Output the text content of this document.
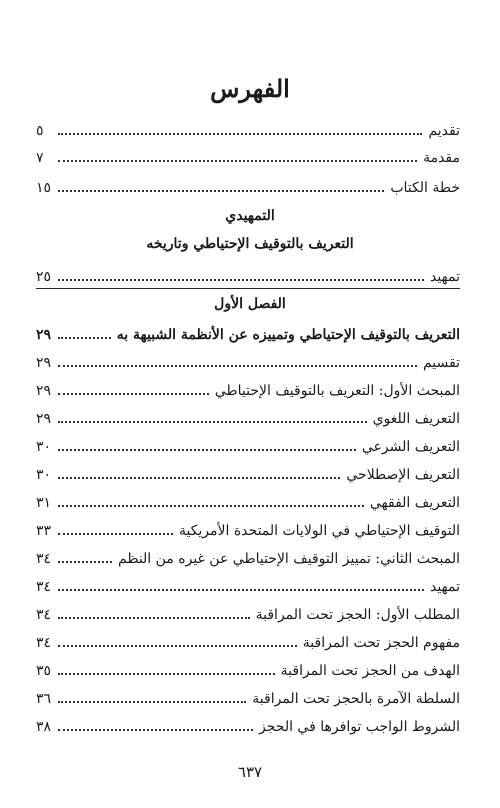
الفهرس
تقديم
٥
مقدمة
٧
خطة الكتاب
١٥
التمهيدي
التعريف بالتوقيف الإحتياطي وتاريخه
تمهيد
٢٥
الفصل الأول
التعريف بالتوقيف الإحتياطي وتمييزه عن الأنظمة الشبيهة به
٢٩
تقسيم
٢٩
المبحث الأول: التعريف بالتوقيف الإحتياطي
٢٩
التعريف اللغوي
٢٩
التعريف الشرعي
٣٠
التعريف الإصطلاحي
٣٠
التعريف الفقهي
٣١
التوقيف الإحتياطي في الولايات المتحدة الأمريكية
٣٣
المبحث الثاني: تمييز التوقيف الإحتياطي عن غيره من النظم
٣٤
تمهيد
٣٤
المطلب الأول: الحجز تحت المراقبة
٣٤
مفهوم الحجز تحت المراقبة
٣٤
الهدف من الحجز تحت المراقبة
٣٥
السلطة الآمرة بالحجز تحت المراقبة
٣٦
الشروط الواجب توافرها في الحجز
٣٨
٦٣٧
